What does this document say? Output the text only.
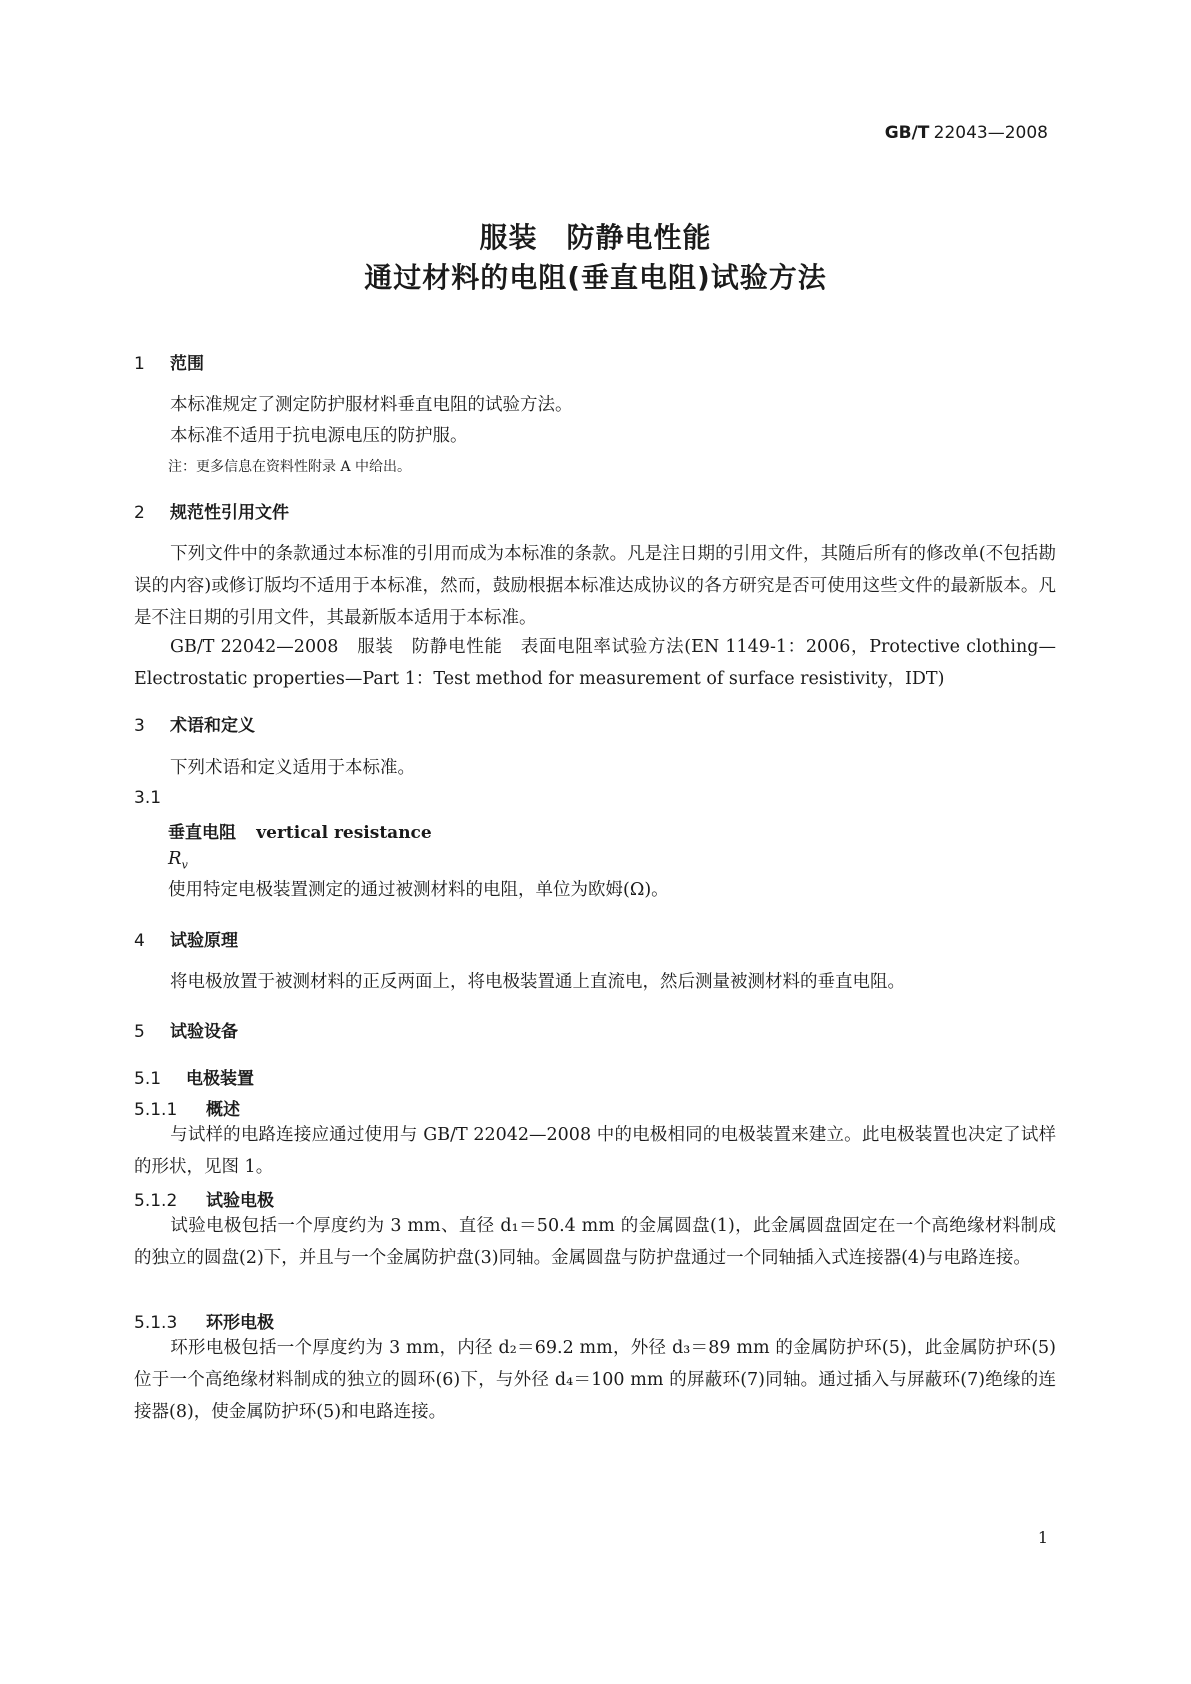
GB/T 22043—2008
服装　防静电性能
通过材料的电阻(垂直电阻)试验方法
1 范围
本标准规定了测定防护服材料垂直电阻的试验方法。
本标准不适用于抗电源电压的防护服。
注：更多信息在资料性附录 A 中给出。
2 规范性引用文件
下列文件中的条款通过本标准的引用而成为本标准的条款。凡是注日期的引用文件，其随后所有的修改单(不包括勘误的内容)或修订版均不适用于本标准，然而，鼓励根据本标准达成协议的各方研究是否可使用这些文件的最新版本。凡是不注日期的引用文件，其最新版本适用于本标准。
GB/T 22042—2008　服装　防静电性能　表面电阻率试验方法(EN 1149-1：2006，Protective clothing—Electrostatic properties—Part 1：Test method for measurement of surface resistivity，IDT)
3 术语和定义
下列术语和定义适用于本标准。
3.1
垂直电阻 vertical resistance
$R_v$
使用特定电极装置测定的通过被测材料的电阻，单位为欧姆(Ω)。
4 试验原理
将电极放置于被测材料的正反两面上，将电极装置通上直流电，然后测量被测材料的垂直电阻。
5 试验设备
5.1 电极装置
5.1.1 概述
与试样的电路连接应通过使用与 GB/T 22042—2008 中的电极相同的电极装置来建立。此电极装置也决定了试样的形状，见图 1。
5.1.2 试验电极
试验电极包括一个厚度约为 3 mm、直径 d₁＝50.4 mm 的金属圆盘(1)，此金属圆盘固定在一个高绝缘材料制成的独立的圆盘(2)下，并且与一个金属防护盘(3)同轴。金属圆盘与防护盘通过一个同轴插入式连接器(4)与电路连接。
5.1.3 环形电极
环形电极包括一个厚度约为 3 mm，内径 d₂＝69.2 mm，外径 d₃＝89 mm 的金属防护环(5)，此金属防护环(5)位于一个高绝缘材料制成的独立的圆环(6)下，与外径 d₄＝100 mm 的屏蔽环(7)同轴。通过插入与屏蔽环(7)绝缘的连接器(8)，使金属防护环(5)和电路连接。
1
